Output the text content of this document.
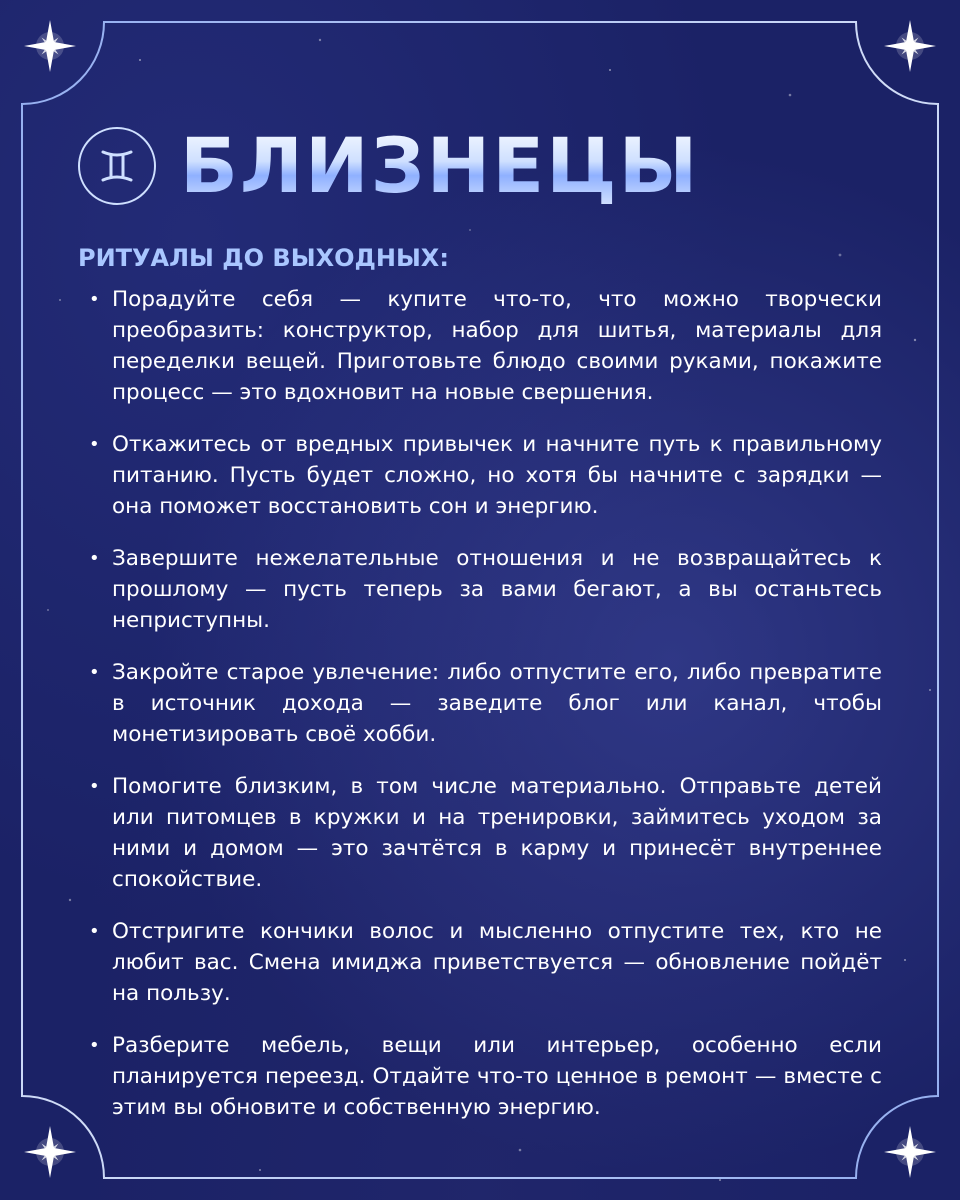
БЛИЗНЕЦЫ
РИТУАЛЫ ДО ВЫХОДНЫХ:
• Порадуйте себя — купите что-то, что можно творчески преобразить: конструктор, набор для шитья, материалы для переделки вещей. Приготовьте блюдо своими руками, покажите процесс — это вдохновит на новые свершения.
• Откажитесь от вредных привычек и начните путь к правильному питанию. Пусть будет сложно, но хотя бы начните с зарядки — она поможет восстановить сон и энергию.
• Завершите нежелательные отношения и не возвращайтесь к прошлому — пусть теперь за вами бегают, а вы останьтесь неприступны.
• Закройте старое увлечение: либо отпустите его, либо превратите в источник дохода — заведите блог или канал, чтобы монетизировать своё хобби.
• Помогите близким, в том числе материально. Отправьте детей или питомцев в кружки и на тренировки, займитесь уходом за ними и домом — это зачтётся в карму и принесёт внутреннее спокойствие.
• Отстригите кончики волос и мысленно отпустите тех, кто не любит вас. Смена имиджа приветствуется — обновление пойдёт на пользу.
• Разберите мебель, вещи или интерьер, особенно если планируется переезд. Отдайте что-то ценное в ремонт — вместе с этим вы обновите и собственную энергию.
